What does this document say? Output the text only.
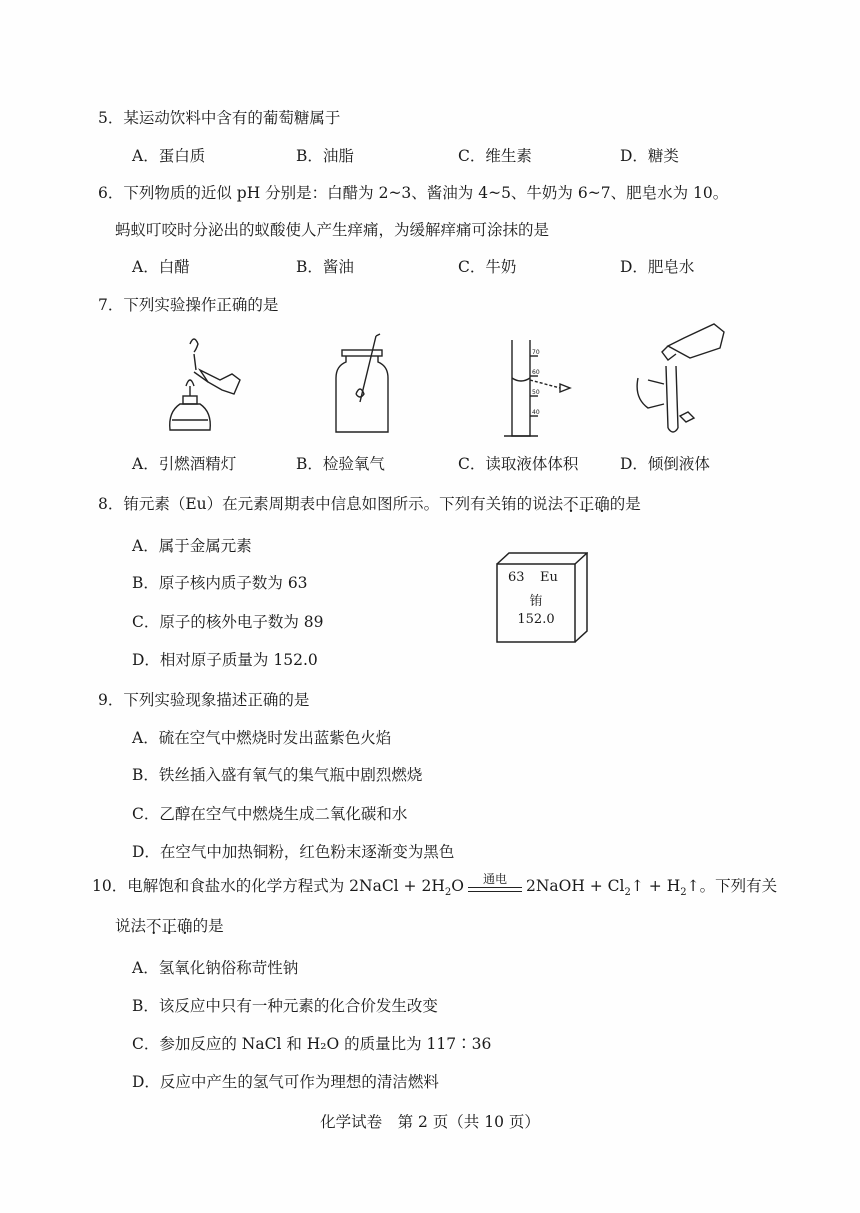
5．某运动饮料中含有的葡萄糖属于
A．蛋白质	B．油脂	C．维生素	D．糖类
6．下列物质的近似 pH 分别是：白醋为 2~3、酱油为 4~5、牛奶为 6~7、肥皂水为 10。
蚂蚁叮咬时分泌出的蚁酸使人产生痒痛，为缓解痒痛可涂抹的是
A．白醋	B．酱油	C．牛奶	D．肥皂水
7．下列实验操作正确的是
70
60
50
40
A．引燃酒精灯	B．检验氧气	C．读取液体体积	D．倾倒液体
8．铕元素（Eu）在元素周期表中信息如图所示。下列有关铕的说法不正确的是
A．属于金属元素
B．原子核内质子数为 63
C．原子的核外电子数为 89
D．相对原子质量为 152.0
63 Eu
铕
152.0
9．下列实验现象描述正确的是
A．硫在空气中燃烧时发出蓝紫色火焰
B．铁丝插入盛有氧气的集气瓶中剧烈燃烧
C．乙醇在空气中燃烧生成二氧化碳和水
D．在空气中加热铜粉，红色粉末逐渐变为黑色
10．电解饱和食盐水的化学方程式为 2NaCl + $2H_2O$	通电	2NaOH + $Cl_2↑$ + $H_2↑$。下列有关
说法不正确的是
A．氢氧化钠俗称苛性钠
B．该反应中只有一种元素的化合价发生改变
C．参加反应的 NaCl 和 H₂O 的质量比为 117∶36
D．反应中产生的氢气可作为理想的清洁燃料
化学试卷　第 2 页（共 10 页）
